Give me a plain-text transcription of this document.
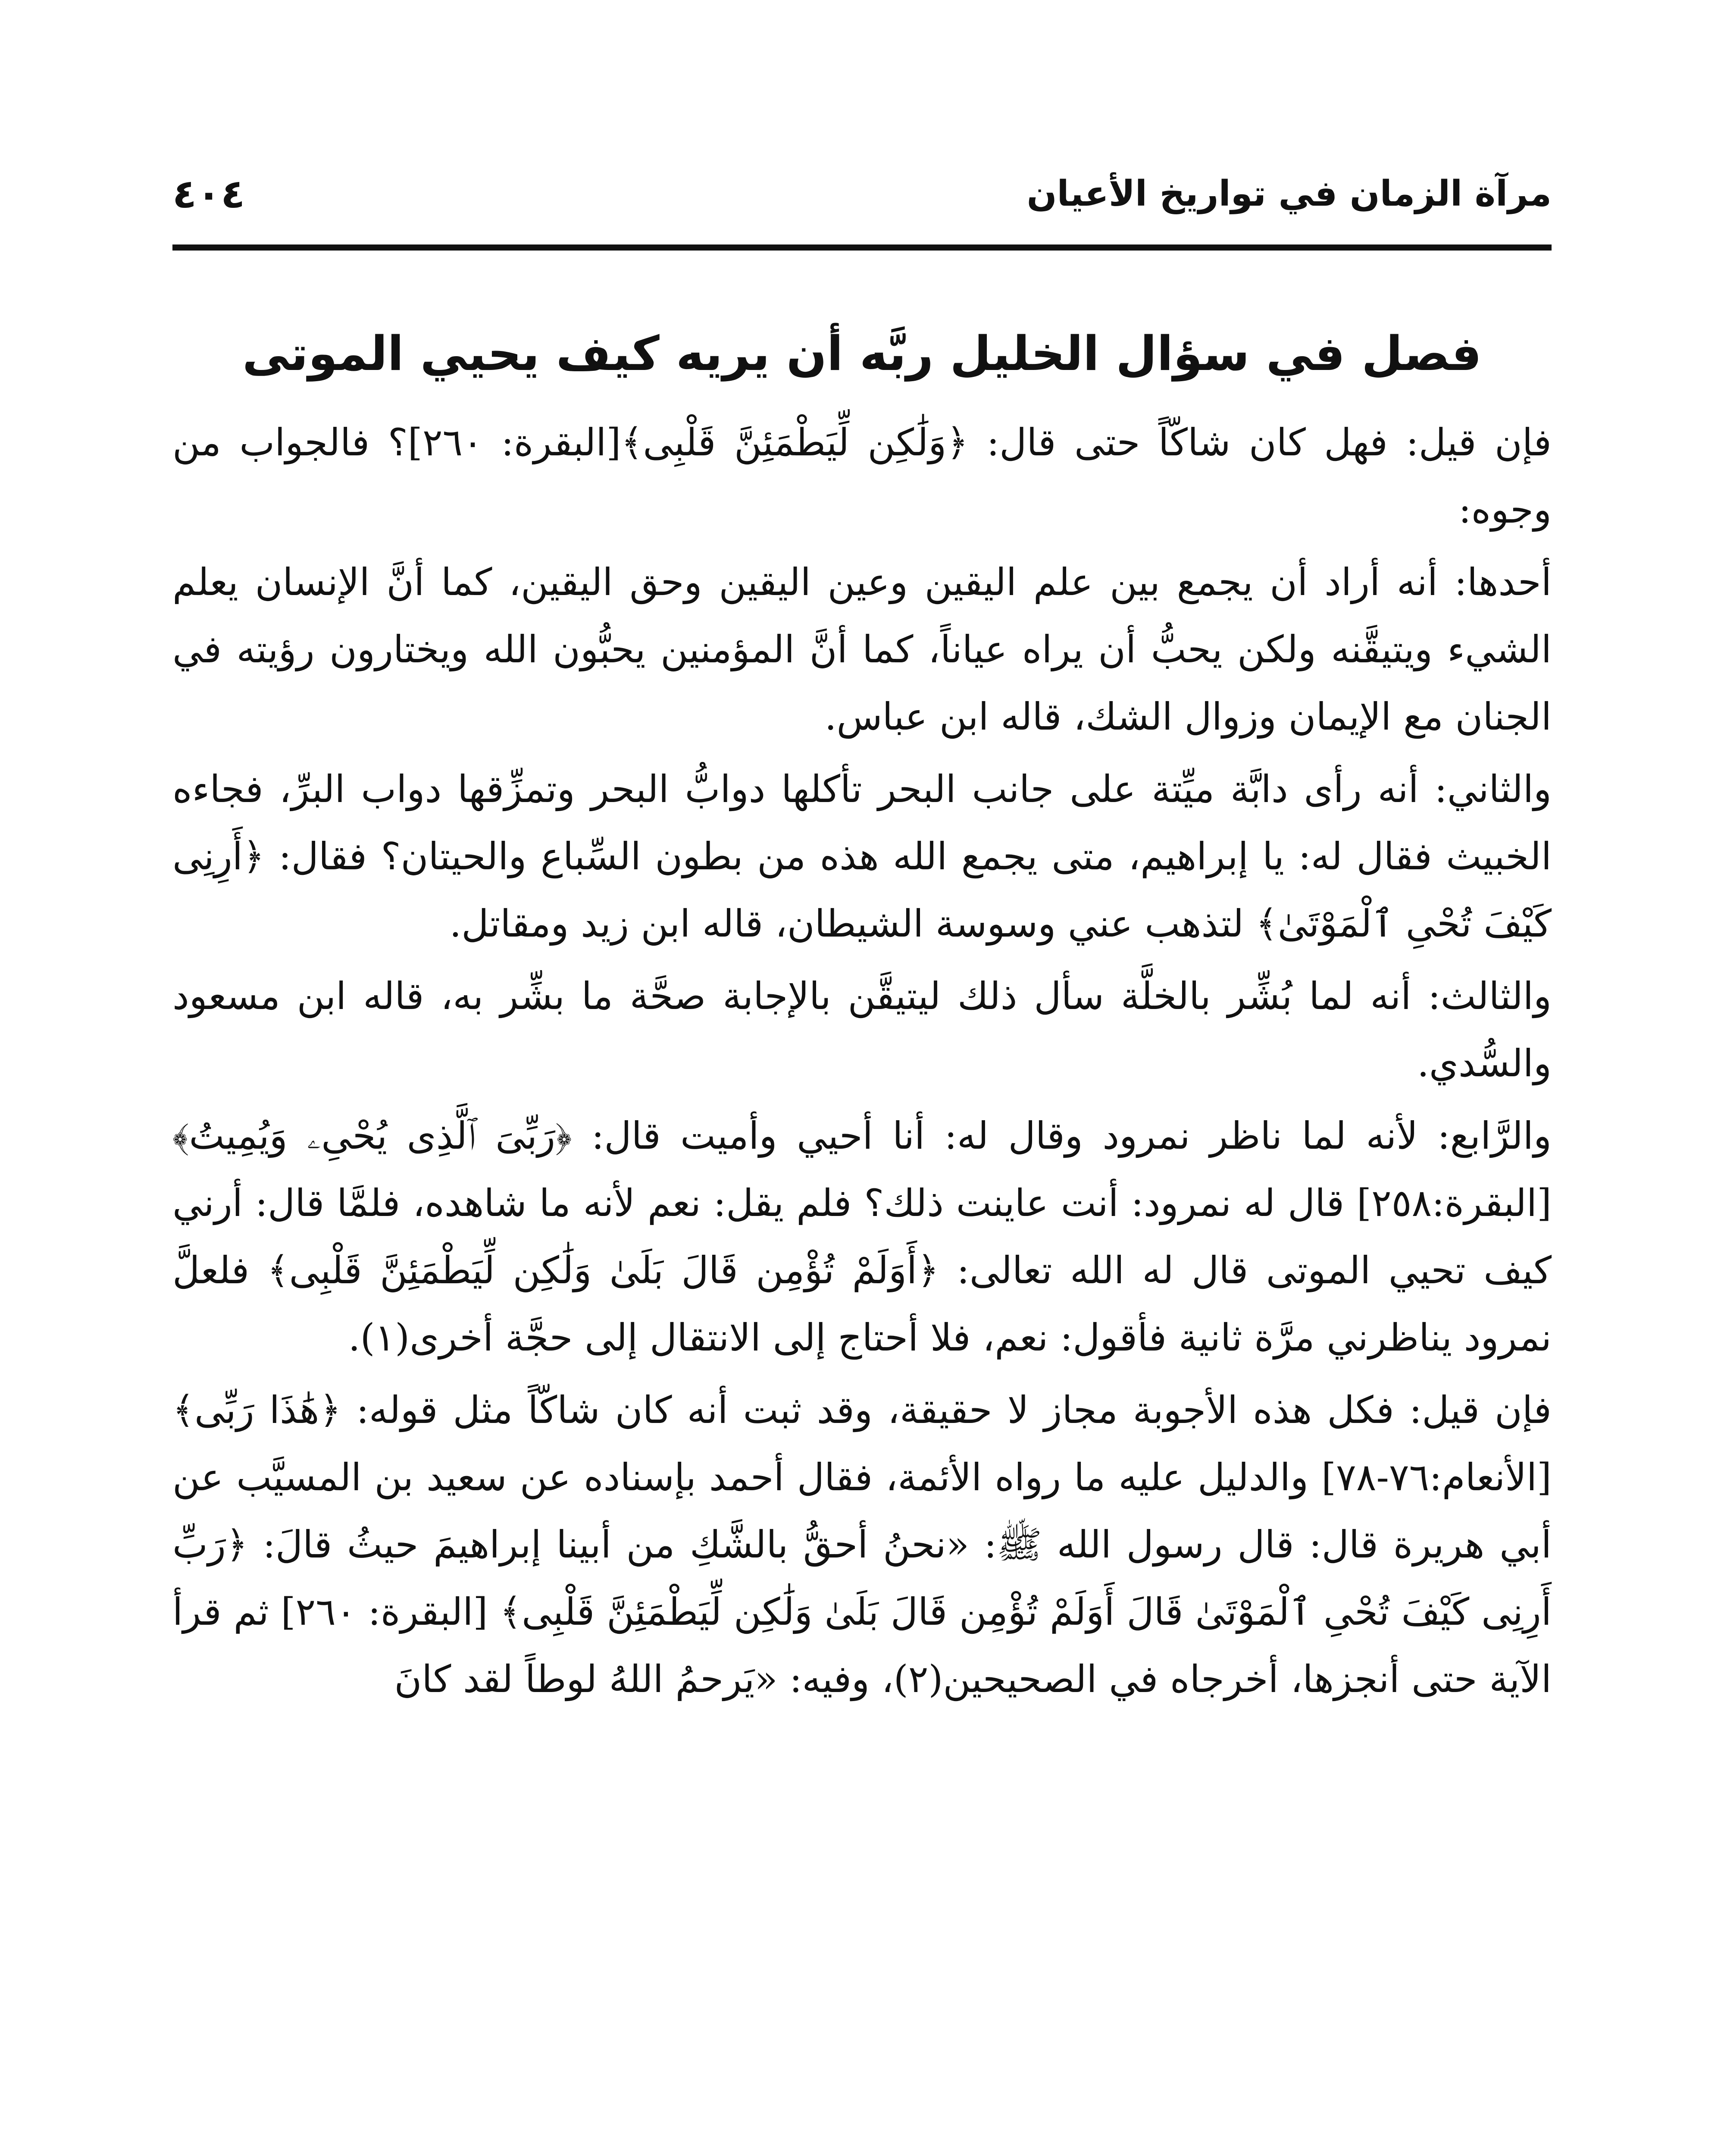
مرآة الزمان في تواريخ الأعيان
٤٠٤
فصل في سؤال الخليل ربَّه أن يريه كيف يحيي الموتى

فإن قيل: فهل كان شاكّاً حتى قال: ﴿وَلَٰكِن لِّيَطْمَئِنَّ قَلْبِى﴾[البقرة: ٢٦٠]؟ فالجواب من وجوه:

أحدها: أنه أراد أن يجمع بين علم اليقين وعين اليقين وحق اليقين، كما أنَّ الإنسان يعلم الشيء ويتيقَّنه ولكن يحبُّ أن يراه عياناً، كما أنَّ المؤمنين يحبُّون الله ويختارون رؤيته في الجنان مع الإيمان وزوال الشك، قاله ابن عباس.

والثاني: أنه رأى دابَّة ميِّتة على جانب البحر تأكلها دوابُّ البحر وتمزِّقها دواب البرِّ، فجاءه الخبيث فقال له: يا إبراهيم، متى يجمع الله هذه من بطون السِّباع والحيتان؟ فقال: ﴿أَرِنِى كَيْفَ تُحْىِ ٱلْمَوْتَىٰ﴾ لتذهب عني وسوسة الشيطان، قاله ابن زيد ومقاتل.

والثالث: أنه لما بُشِّر بالخلَّة سأل ذلك ليتيقَّن بالإجابة صحَّة ما بشِّر به، قاله ابن مسعود والسُّدي.

والرَّابع: لأنه لما ناظر نمرود وقال له: أنا أحيي وأميت قال: ﴿رَبِّىَ ٱلَّذِى يُحْىِۦ وَيُمِيتُ﴾[البقرة:٢٥٨] قال له نمرود: أنت عاينت ذلك؟ فلم يقل: نعم لأنه ما شاهده، فلمَّا قال: أرني كيف تحيي الموتى قال له الله تعالى: ﴿أَوَلَمْ تُؤْمِن قَالَ بَلَىٰ وَلَٰكِن لِّيَطْمَئِنَّ قَلْبِى﴾ فلعلَّ نمرود يناظرني مرَّة ثانية فأقول: نعم، فلا أحتاج إلى الانتقال إلى حجَّة أخرى(١).

فإن قيل: فكل هذه الأجوبة مجاز لا حقيقة، وقد ثبت أنه كان شاكّاً مثل قوله: ﴿هَٰذَا رَبِّى﴾[الأنعام:٧٦-٧٨] والدليل عليه ما رواه الأئمة، فقال أحمد بإسناده عن سعيد بن المسيَّب عن أبي هريرة قال: قال رسول الله ﷺ: «نحنُ أحقُّ بالشَّكِ من أبينا إبراهيمَ حيثُ قالَ: ﴿رَبِّ أَرِنِى كَيْفَ تُحْىِ ٱلْمَوْتَىٰ قَالَ أَوَلَمْ تُؤْمِن قَالَ بَلَىٰ وَلَٰكِن لِّيَطْمَئِنَّ قَلْبِى﴾ [البقرة: ٢٦٠] ثم قرأ الآية حتى أنجزها، أخرجاه في الصحيحين(٢)، وفيه: «يَرحمُ اللهُ لوطاً لقد كانَ
